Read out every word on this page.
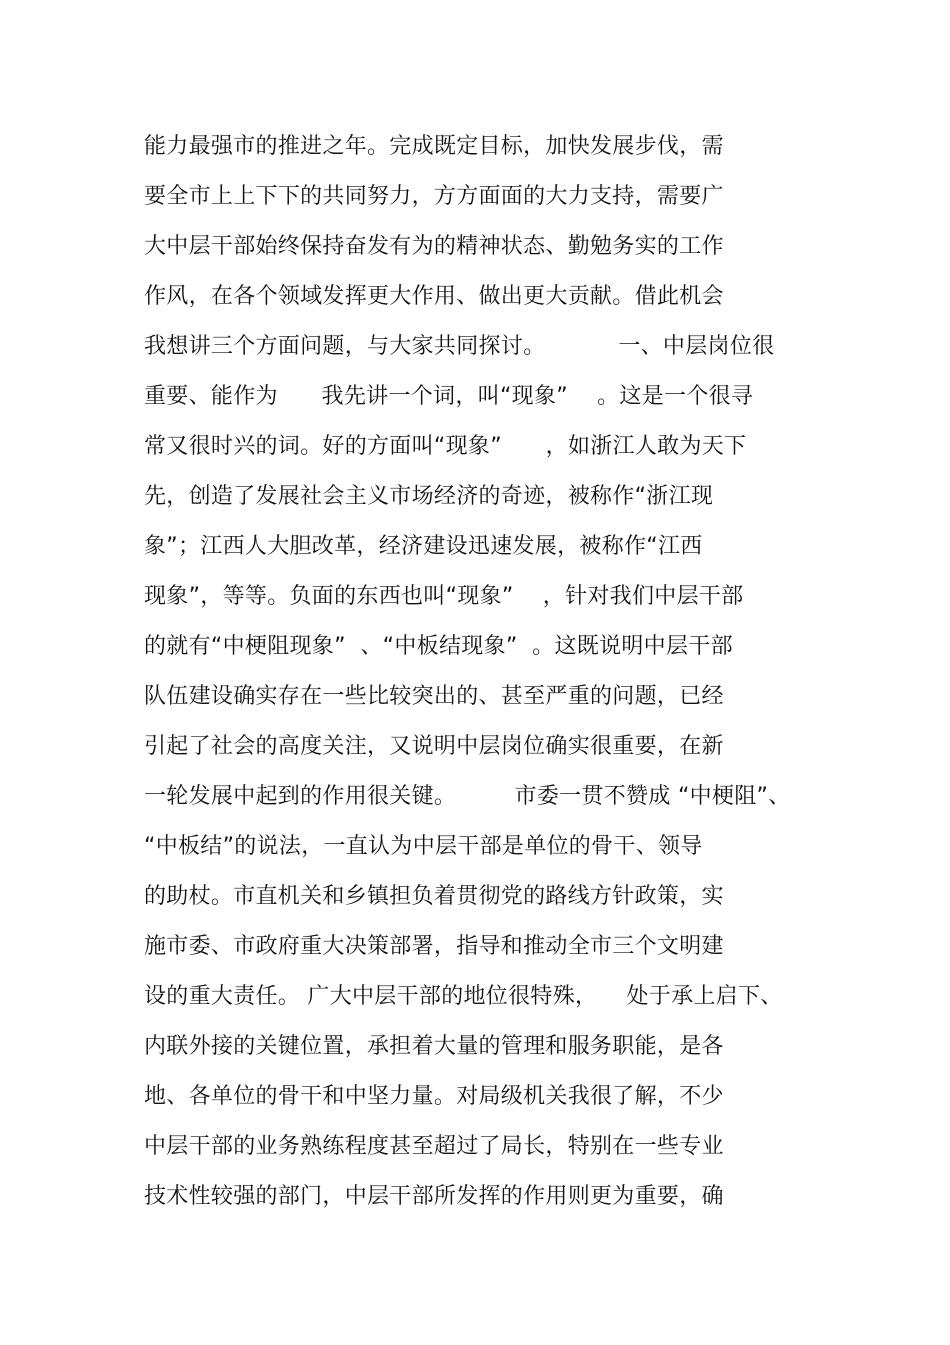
能力最强市的推进之年。完成既定目标，加快发展步伐，需
要全市上上下下的共同努力，方方面面的大力支持，需要广
大中层干部始终保持奋发有为的精神状态、勤勉务实的工作
作风，在各个领域发挥更大作用、做出更大贡献。借此机会
我想讲三个方面问题，与大家共同探讨。          一、中层岗位很
重要、能作为      我先讲一个词，叫“现象”    。这是一个很寻
常又很时兴的词。好的方面叫“现象”      ，如浙江人敢为天下
先，创造了发展社会主义市场经济的奇迹，被称作“浙江现
象”；江西人大胆改革，经济建设迅速发展，被称作“江西
现象”，等等。负面的东西也叫“现象”    ，针对我们中层干部
的就有“中梗阻现象”  、“中板结现象”  。这既说明中层干部
队伍建设确实存在一些比较突出的、甚至严重的问题，已经
引起了社会的高度关注，又说明中层岗位确实很重要，在新
一轮发展中起到的作用很关键。        市委一贯不赞成 “中梗阻”、
“中板结”的说法，一直认为中层干部是单位的骨干、领导
的助杖。市直机关和乡镇担负着贯彻党的路线方针政策，实
施市委、市政府重大决策部署，指导和推动全市三个文明建
设的重大责任。 广大中层干部的地位很特殊，    处于承上启下、
内联外接的关键位置，承担着大量的管理和服务职能，是各
地、各单位的骨干和中坚力量。对局级机关我很了解，不少
中层干部的业务熟练程度甚至超过了局长，特别在一些专业
技术性较强的部门，中层干部所发挥的作用则更为重要，确
